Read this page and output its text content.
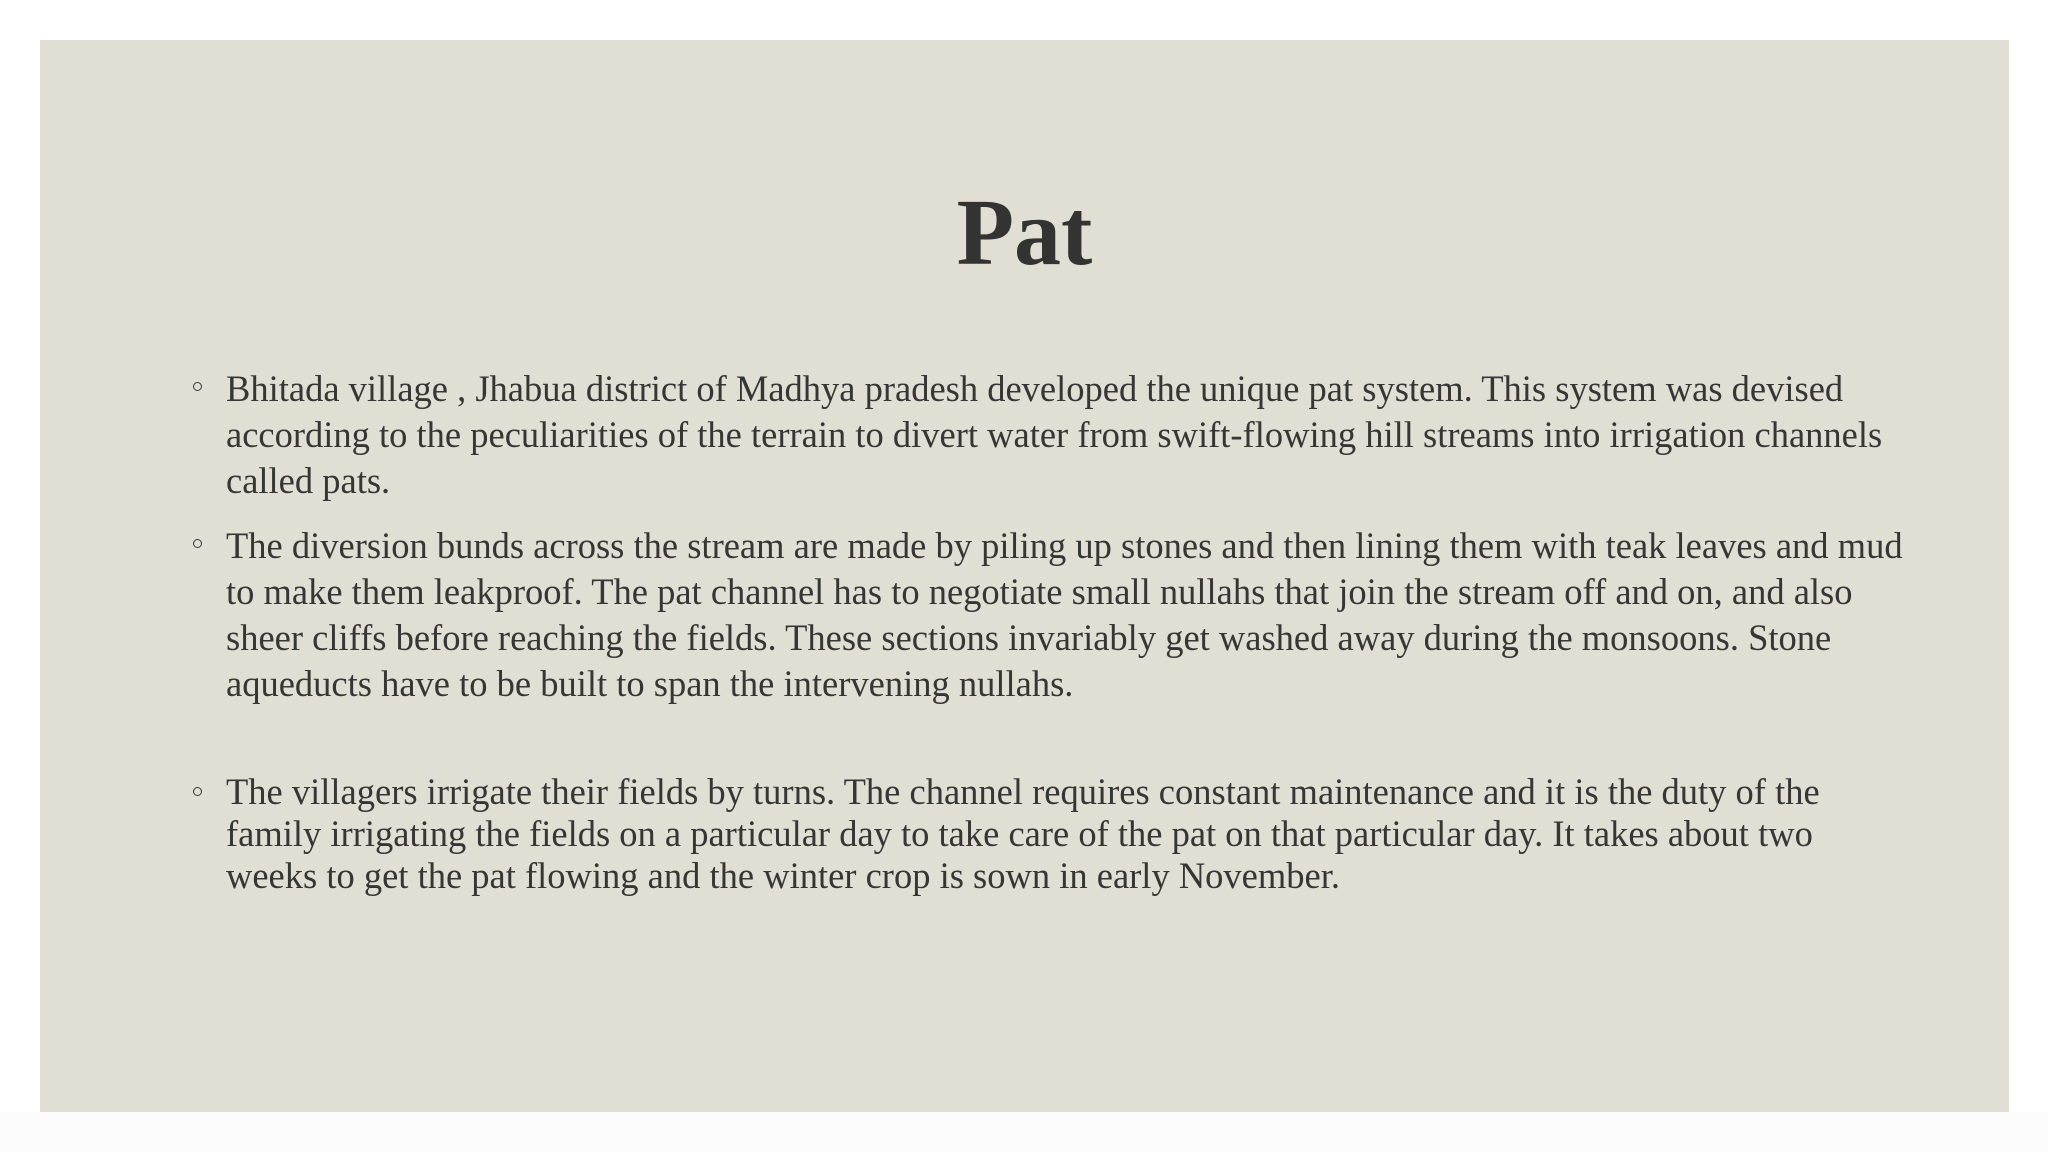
Pat
Bhitada village , Jhabua district of Madhya pradesh developed the unique pat system. This system was devised according to the peculiarities of the terrain to divert water from swift-flowing hill streams into irrigation channels called pats.
The diversion bunds across the stream are made by piling up stones and then lining them with teak leaves and mud to make them leakproof. The pat channel has to negotiate small nullahs that join the stream off and on, and also sheer cliffs before reaching the fields. These sections invariably get washed away during the monsoons. Stone aqueducts have to be built to span the intervening nullahs.
The villagers irrigate their fields by turns. The channel requires constant maintenance and it is the duty of the family irrigating the fields on a particular day to take care of the pat on that particular day. It takes about two weeks to get the pat flowing and the winter crop is sown in early November.
